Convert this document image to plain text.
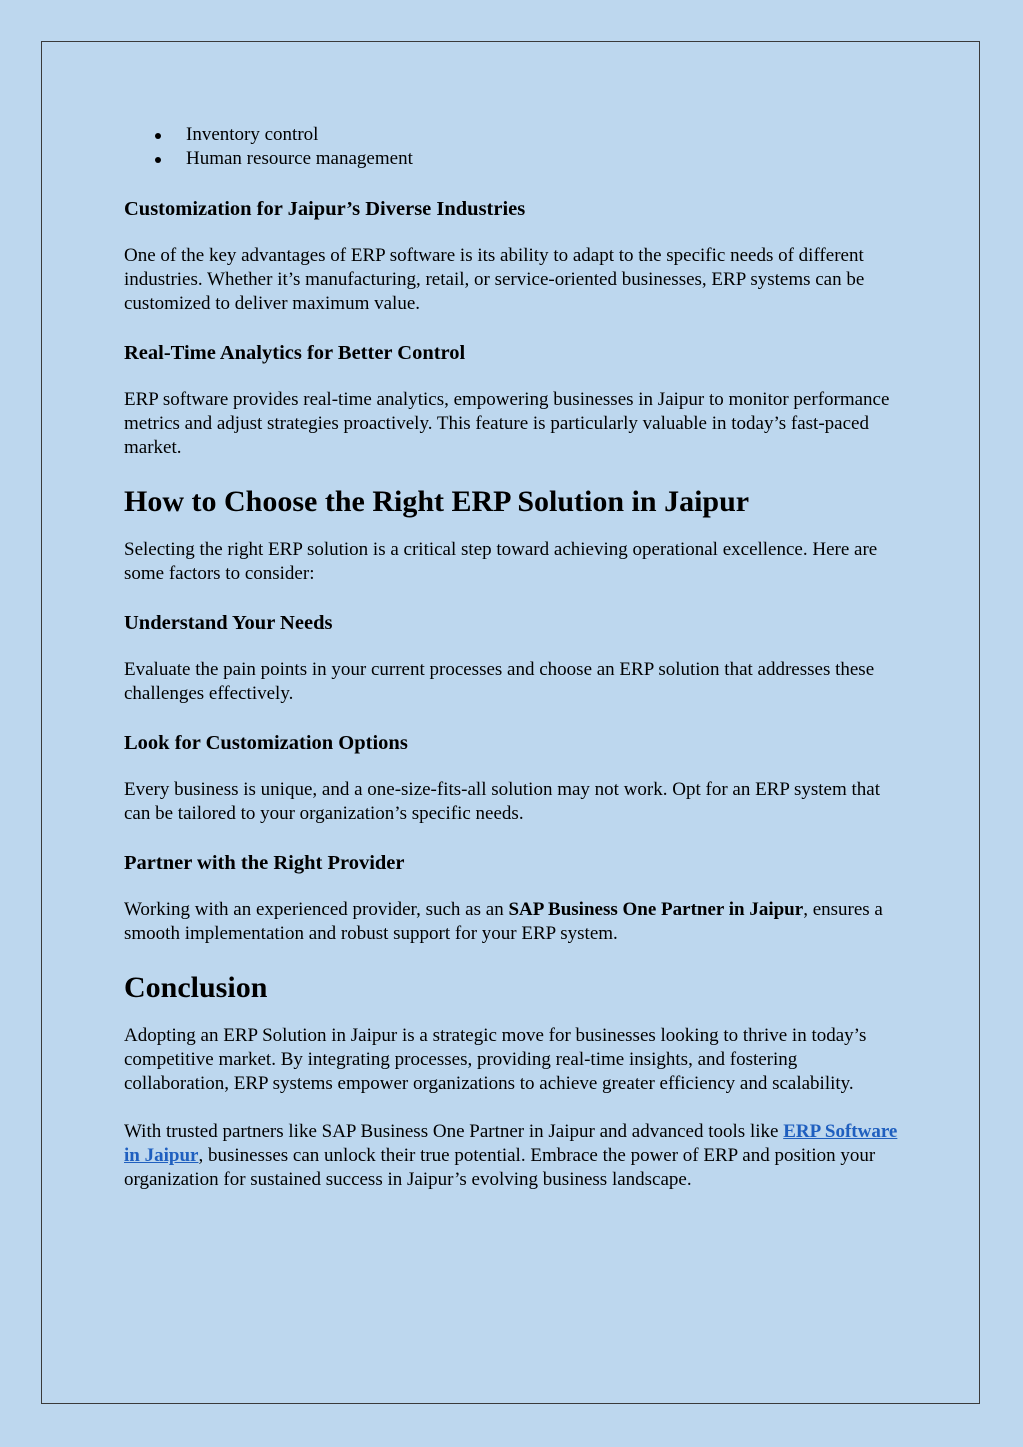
Inventory control
Human resource management
Customization for Jaipur’s Diverse Industries

One of the key advantages of ERP software is its ability to adapt to the specific needs of different industries. Whether it’s manufacturing, retail, or service-oriented businesses, ERP systems can be customized to deliver maximum value.

Real-Time Analytics for Better Control

ERP software provides real-time analytics, empowering businesses in Jaipur to monitor performance metrics and adjust strategies proactively. This feature is particularly valuable in today’s fast-paced market.

How to Choose the Right ERP Solution in Jaipur

Selecting the right ERP solution is a critical step toward achieving operational excellence. Here are some factors to consider:

Understand Your Needs

Evaluate the pain points in your current processes and choose an ERP solution that addresses these challenges effectively.

Look for Customization Options

Every business is unique, and a one-size-fits-all solution may not work. Opt for an ERP system that can be tailored to your organization’s specific needs.

Partner with the Right Provider

Working with an experienced provider, such as an SAP Business One Partner in Jaipur, ensures a smooth implementation and robust support for your ERP system.

Conclusion

Adopting an ERP Solution in Jaipur is a strategic move for businesses looking to thrive in today’s competitive market. By integrating processes, providing real-time insights, and fostering collaboration, ERP systems empower organizations to achieve greater efficiency and scalability.

With trusted partners like SAP Business One Partner in Jaipur and advanced tools like ERP Software in Jaipur, businesses can unlock their true potential. Embrace the power of ERP and position your organization for sustained success in Jaipur’s evolving business landscape.
